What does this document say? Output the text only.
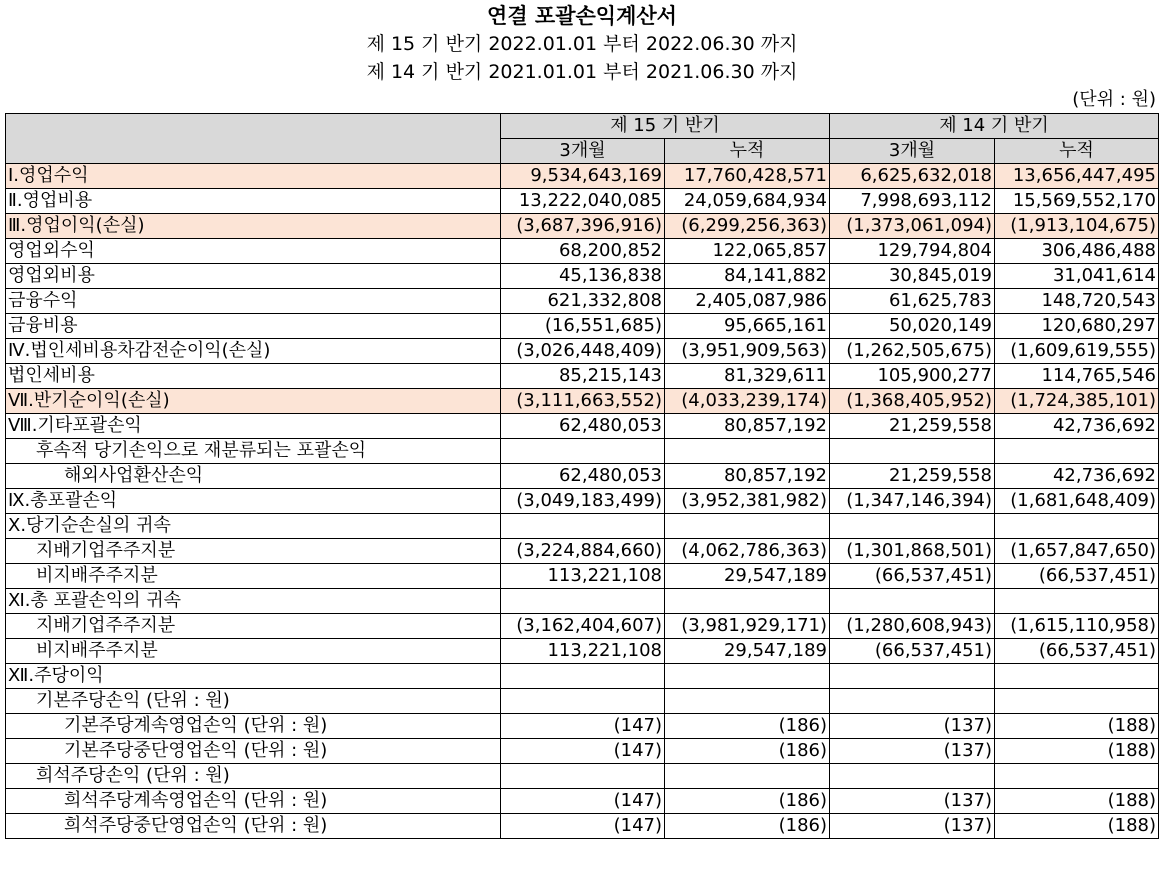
연결 포괄손익계산서
제 15 기 반기 2022.01.01 부터 2022.06.30 까지
제 14 기 반기 2021.01.01 부터 2021.06.30 까지
(단위 : 원)
	제 15 기 반기		제 14 기 반기	
	3개월	누적	3개월	누적
Ⅰ.영업수익	9,534,643,169	17,760,428,571	6,625,632,018	13,656,447,495
Ⅱ.영업비용	13,222,040,085	24,059,684,934	7,998,693,112	15,569,552,170
Ⅲ.영업이익(손실)	(3,687,396,916)	(6,299,256,363)	(1,373,061,094)	(1,913,104,675)
영업외수익	68,200,852	122,065,857	129,794,804	306,486,488
영업외비용	45,136,838	84,141,882	30,845,019	31,041,614
금융수익	621,332,808	2,405,087,986	61,625,783	148,720,543
금융비용	(16,551,685)	95,665,161	50,020,149	120,680,297
Ⅳ.법인세비용차감전순이익(손실)	(3,026,448,409)	(3,951,909,563)	(1,262,505,675)	(1,609,619,555)
법인세비용	85,215,143	81,329,611	105,900,277	114,765,546
Ⅶ.반기순이익(손실)	(3,111,663,552)	(4,033,239,174)	(1,368,405,952)	(1,724,385,101)
Ⅷ.기타포괄손익	62,480,053	80,857,192	21,259,558	42,736,692
후속적 당기손익으로 재분류되는 포괄손익				
해외사업환산손익	62,480,053	80,857,192	21,259,558	42,736,692
Ⅸ.총포괄손익	(3,049,183,499)	(3,952,381,982)	(1,347,146,394)	(1,681,648,409)
Ⅹ.당기순손실의 귀속				
지배기업주주지분	(3,224,884,660)	(4,062,786,363)	(1,301,868,501)	(1,657,847,650)
비지배주주지분	113,221,108	29,547,189	(66,537,451)	(66,537,451)
Ⅺ.총 포괄손익의 귀속				
지배기업주주지분	(3,162,404,607)	(3,981,929,171)	(1,280,608,943)	(1,615,110,958)
비지배주주지분	113,221,108	29,547,189	(66,537,451)	(66,537,451)
Ⅻ.주당이익				
기본주당손익 (단위 : 원)				
기본주당계속영업손익 (단위 : 원)	(147)	(186)	(137)	(188)
기본주당중단영업손익 (단위 : 원)	(147)	(186)	(137)	(188)
희석주당손익 (단위 : 원)				
희석주당계속영업손익 (단위 : 원)	(147)	(186)	(137)	(188)
희석주당중단영업손익 (단위 : 원)	(147)	(186)	(137)	(188)
